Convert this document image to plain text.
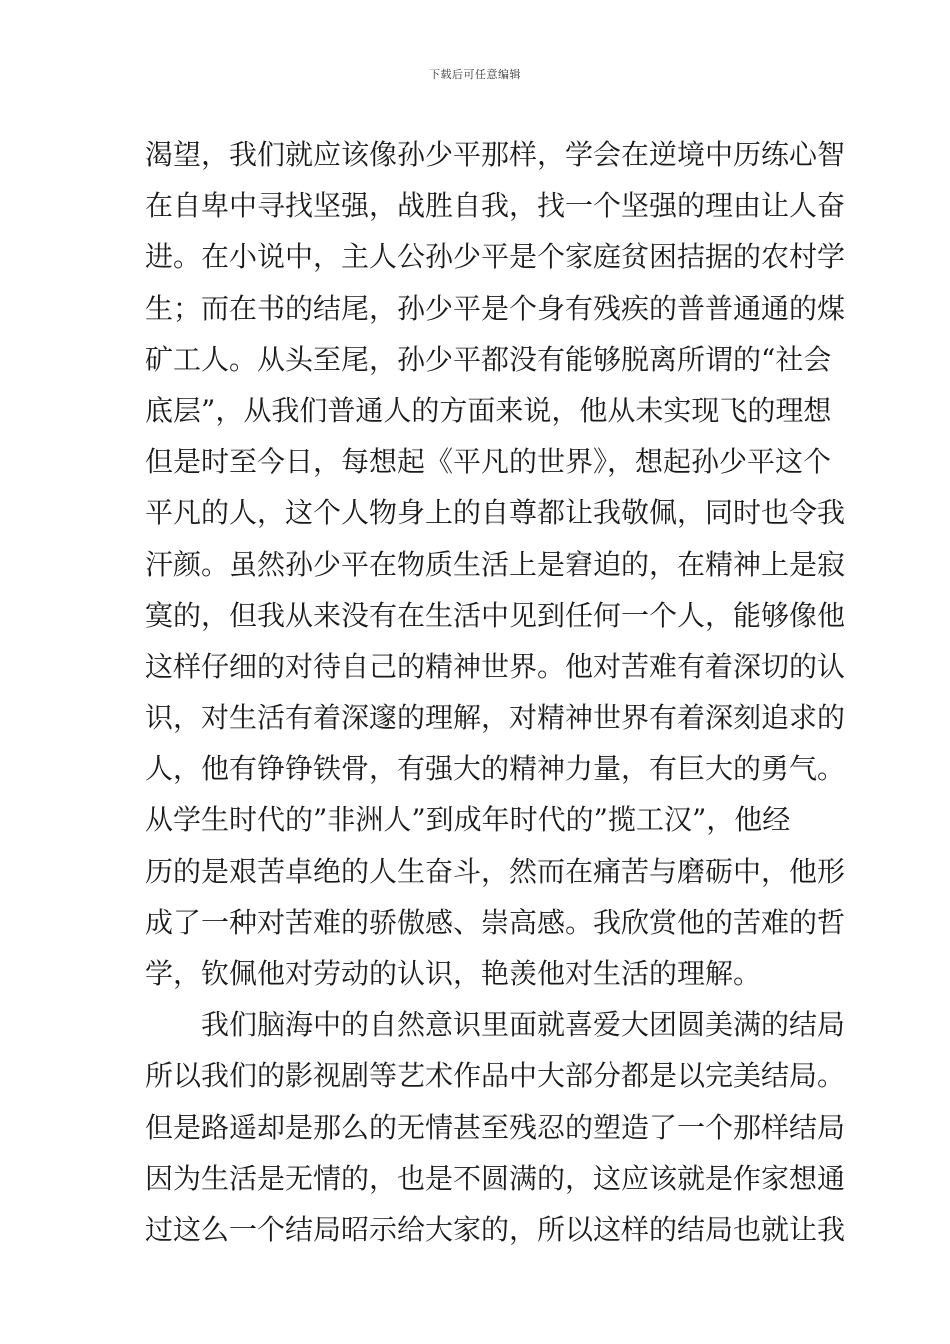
下载后可任意编辑
渴望，我们就应该像孙少平那样，学会在逆境中历练心智
在自卑中寻找坚强，战胜自我，找一个坚强的理由让人奋
进。在小说中，主人公孙少平是个家庭贫困拮据的农村学
生；而在书的结尾，孙少平是个身有残疾的普普通通的煤
矿工人。从头至尾，孙少平都没有能够脱离所谓的“社会
底层”，从我们普通人的方面来说，他从未实现飞的理想
但是时至今日，每想起《平凡的世界》，想起孙少平这个
平凡的人，这个人物身上的自尊都让我敬佩，同时也令我
汗颜。虽然孙少平在物质生活上是窘迫的，在精神上是寂
寞的，但我从来没有在生活中见到任何一个人，能够像他
这样仔细的对待自己的精神世界。他对苦难有着深切的认
识，对生活有着深邃的理解，对精神世界有着深刻追求的
人，他有铮铮铁骨，有强大的精神力量，有巨大的勇气。
从学生时代的”非洲人”到成年时代的”揽工汉”，他经
历的是艰苦卓绝的人生奋斗，然而在痛苦与磨砺中，他形
成了一种对苦难的骄傲感、崇高感。我欣赏他的苦难的哲
学，钦佩他对劳动的认识，艳羡他对生活的理解。
我们脑海中的自然意识里面就喜爱大团圆美满的结局
所以我们的影视剧等艺术作品中大部分都是以完美结局。
但是路遥却是那么的无情甚至残忍的塑造了一个那样结局
因为生活是无情的，也是不圆满的，这应该就是作家想通
过这么一个结局昭示给大家的，所以这样的结局也就让我
